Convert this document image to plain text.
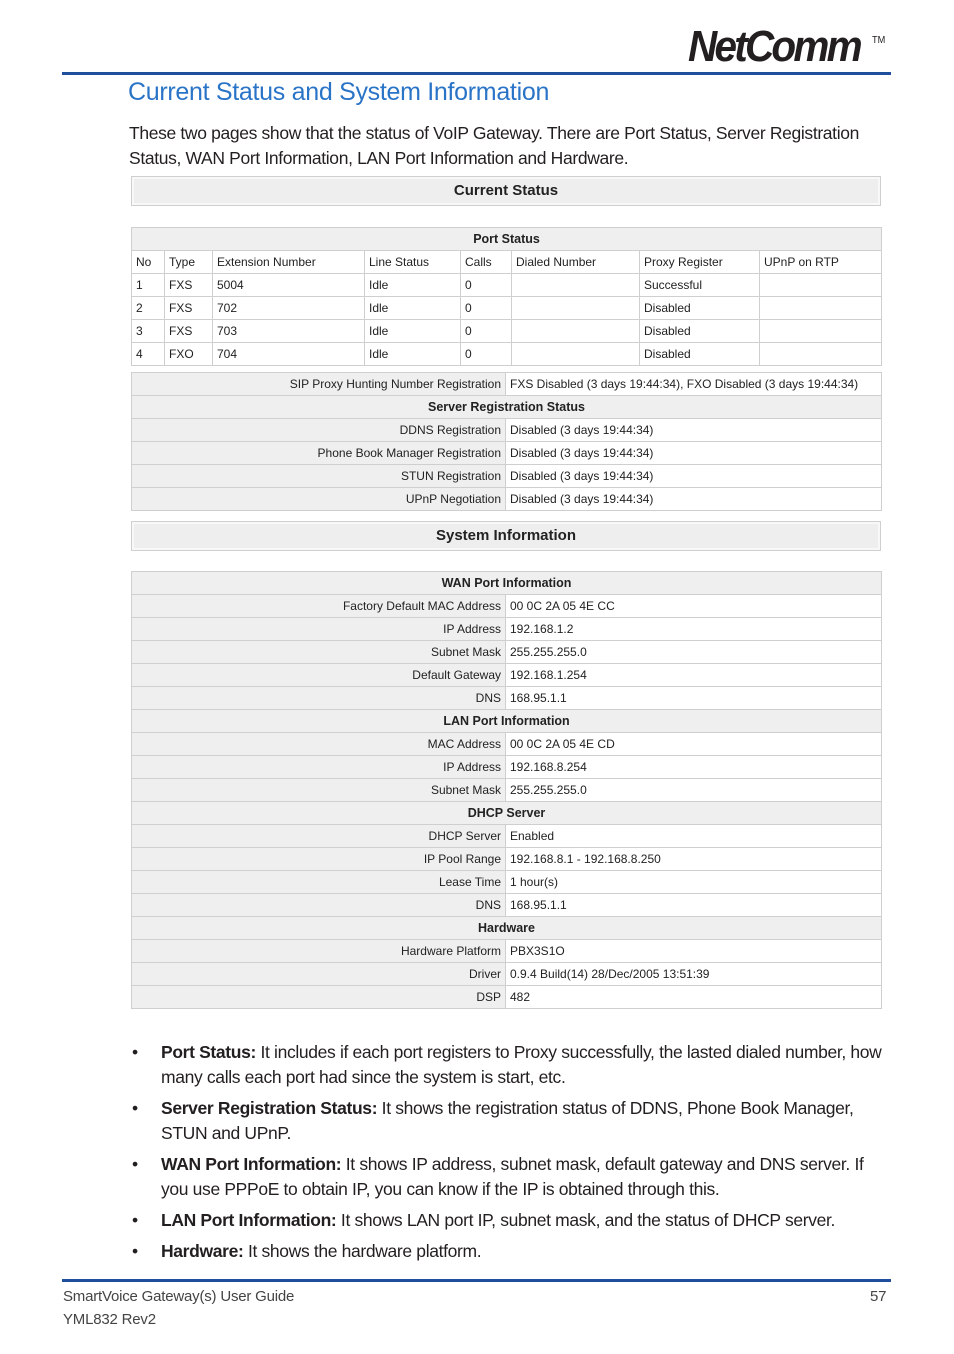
NetComm TM
Current Status and System Information
These two pages show that the status of VoIP Gateway. There are Port Status, Server Registration Status, WAN Port Information, LAN Port Information and Hardware.
Current Status
Port Status							
No	Type	Extension Number	Line Status	Calls	Dialed Number	Proxy Register	UPnP on RTP
1	FXS	5004	Idle	0		Successful	
2	FXS	702	Idle	0		Disabled	
3	FXS	703	Idle	0		Disabled	
4	FXO	704	Idle	0		Disabled	
SIP Proxy Hunting Number Registration	FXS Disabled (3 days 19:44:34), FXO Disabled (3 days 19:44:34)
Server Registration Status	
DDNS Registration	Disabled (3 days 19:44:34)
Phone Book Manager Registration	Disabled (3 days 19:44:34)
STUN Registration	Disabled (3 days 19:44:34)
UPnP Negotiation	Disabled (3 days 19:44:34)
System Information
WAN Port Information	
Factory Default MAC Address	00 0C 2A 05 4E CC
IP Address	192.168.1.2
Subnet Mask	255.255.255.0
Default Gateway	192.168.1.254
DNS	168.95.1.1
LAN Port Information	
MAC Address	00 0C 2A 05 4E CD
IP Address	192.168.8.254
Subnet Mask	255.255.255.0
DHCP Server	
DHCP Server	Enabled
IP Pool Range	192.168.8.1 - 192.168.8.250
Lease Time	1 hour(s)
DNS	168.95.1.1
Hardware	
Hardware Platform	PBX3S1O
Driver	0.9.4 Build(14) 28/Dec/2005 13:51:39
DSP	482
• Port Status: It includes if each port registers to Proxy successfully, the lasted dialed number, how many calls each port had since the system is start, etc.
• Server Registration Status: It shows the registration status of DDNS, Phone Book Manager, STUN and UPnP.
• WAN Port Information: It shows IP address, subnet mask, default gateway and DNS server. If you use PPPoE to obtain IP, you can know if the IP is obtained through this.
• LAN Port Information: It shows LAN port IP, subnet mask, and the status of DHCP server.
• Hardware: It shows the hardware platform.
SmartVoice Gateway(s) User Guide
YML832 Rev2
57
